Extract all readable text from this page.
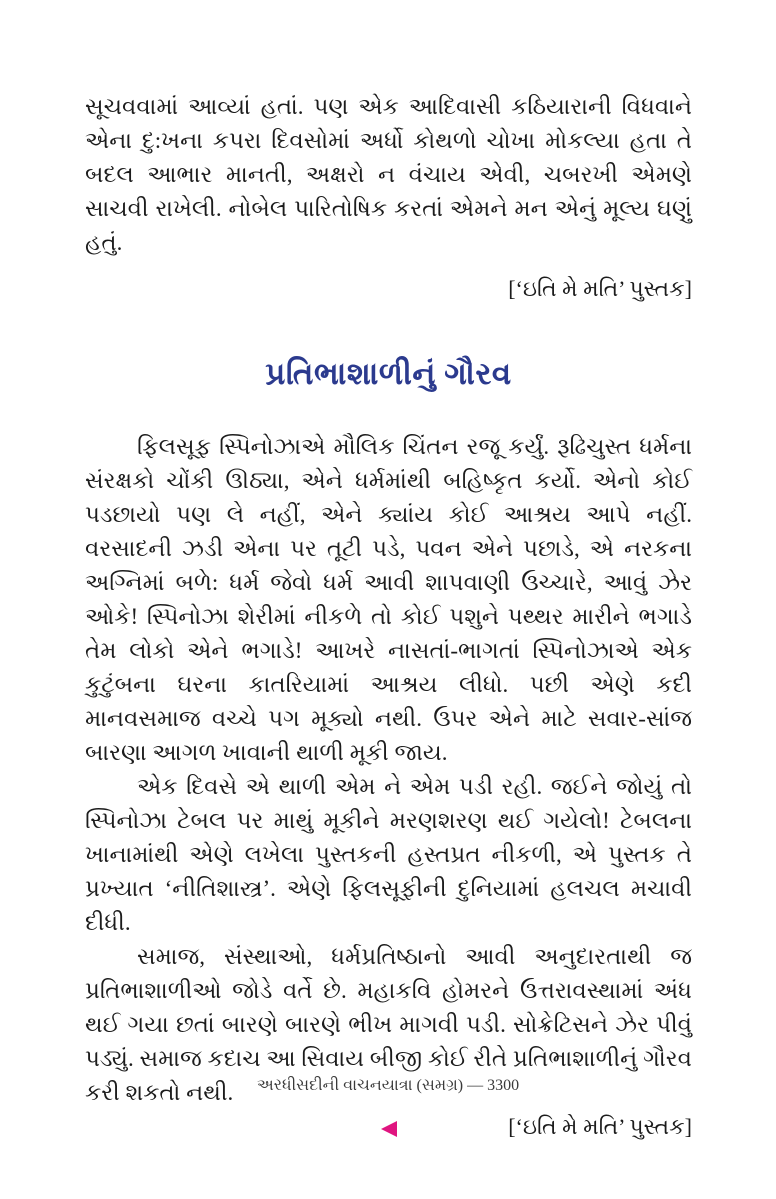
સૂચવવામાં આવ્યાં હતાં. પણ એક આદિવાસી કઠિયારાની વિધવાને એના દુ:ખના કપરા દિવસોમાં અર્ધો કોથળો ચોખા મોકલ્યા હતા તે બદલ આભાર માનતી, અક્ષરો ન વંચાય એવી, ચબરખી એમણે સાચવી રાખેલી. નોબેલ પારિતોષિક કરતાં એમને મન એનું મૂલ્ય ઘણું હતું.

[‘ઇતિ મે મતિ’ પુસ્તક]

પ્રતિભાશાળીનું ગૌરવ

ફિલસૂફ સ્પિનોઝાએ મૌલિક ચિંતન રજૂ કર્યું. રૂઢિચુસ્ત ધર્મના સંરક્ષકો ચોંકી ઊઠ્યા, એને ધર્મમાંથી બહિષ્કૃત કર્યો. એનો કોઈ પડછાયો પણ લે નહીં, એને ક્યાંય કોઈ આશ્રય આપે નહીં. વરસાદની ઝડી એના પર તૂટી પડે, પવન એને પછાડે, એ નરકના અગ્નિમાં બળે: ધર્મ જેવો ધર્મ આવી શાપવાણી ઉચ્ચારે, આવું ઝેર ઓકે! સ્પિનોઝા શેરીમાં નીકળે તો કોઈ પશુને પથ્થર મારીને ભગાડે તેમ લોકો એને ભગાડે! આખરે નાસતાં-ભાગતાં સ્પિનોઝાએ એક કુટુંબના ઘરના કાતરિયામાં આશ્રય લીધો. પછી એણે કદી માનવસમાજ વચ્ચે પગ મૂક્યો નથી. ઉપર એને માટે સવાર-સાંજ બારણા આગળ ખાવાની થાળી મૂકી જાય.

એક દિવસે એ થાળી એમ ને એમ પડી રહી. જઈને જોયું તો સ્પિનોઝા ટેબલ પર માથું મૂકીને મરણશરણ થઈ ગયેલો! ટેબલના ખાનામાંથી એણે લખેલા પુસ્તકની હસ્તપ્રત નીકળી, એ પુસ્તક તે પ્રખ્યાત ‘નીતિશાસ્ત્ર’. એણે ફિલસૂફીની દુનિયામાં હલચલ મચાવી દીધી.

સમાજ, સંસ્થાઓ, ધર્મપ્રતિષ્ઠાનો આવી અનુદારતાથી જ પ્રતિભાશાળીઓ જોડે વર્તે છે. મહાકવિ હોમરને ઉત્તરાવસ્થામાં અંધ થઈ ગયા છતાં બારણે બારણે ભીખ માગવી પડી. સોક્રેટિસને ઝેર પીવું પડ્યું. સમાજ કદાચ આ સિવાય બીજી કોઈ રીતે પ્રતિભાશાળીનું ગૌરવ કરી શકતો નથી.

[‘ઇતિ મે મતિ’ પુસ્તક]

અરધીસદીની વાચનયાત્રા (સમગ્ર) — 3300
